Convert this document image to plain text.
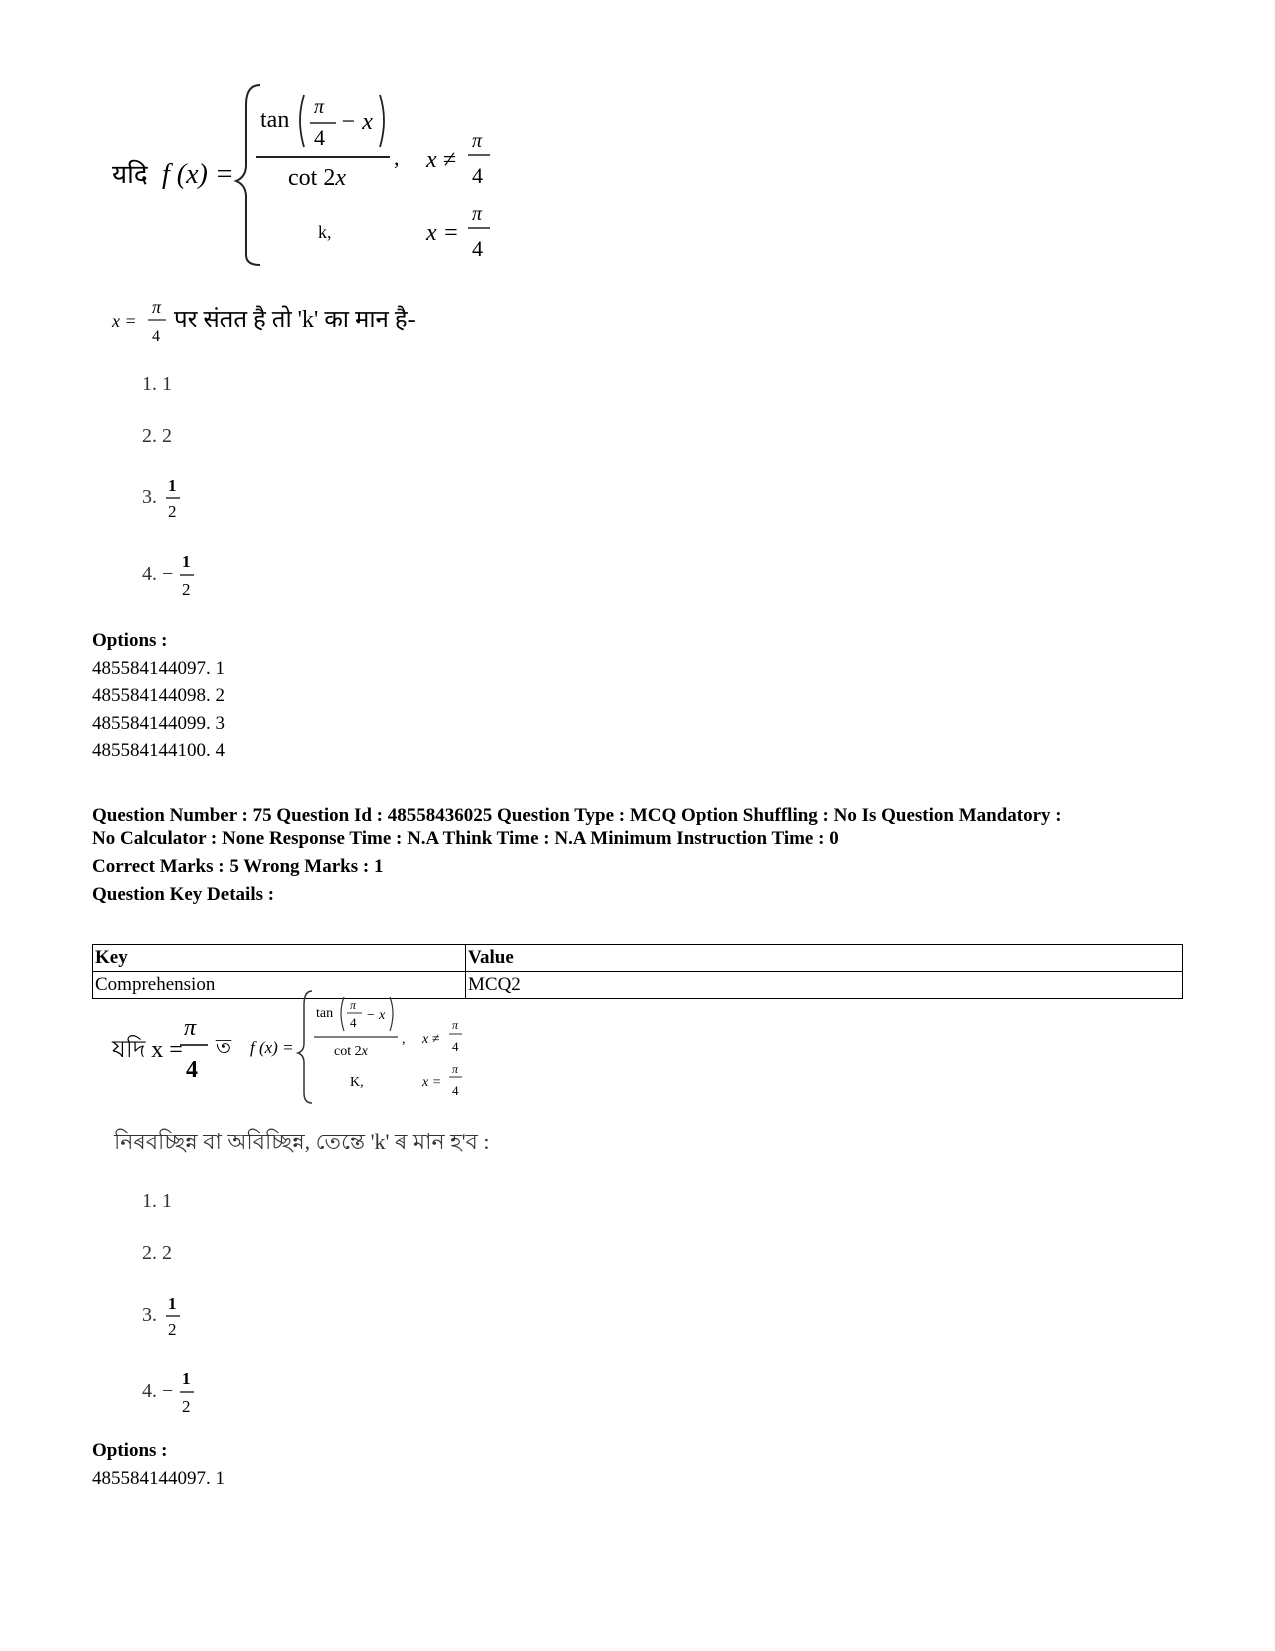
यदि f (x) =
tan π
4
− x
cot 2x
, x ≠
π
4
k,	x =
π
4
x =
π
4
पर संतत है तो 'k' का मान है-
1. 1
2. 2
3.
1
2
4. −
1
2
Options :
485584144097. 1
485584144098. 2
485584144099. 3
485584144100. 4
Question Number : 75 Question Id : 48558436025 Question Type : MCQ Option Shuffling : No Is Question Mandatory :
No Calculator : None Response Time : N.A Think Time : N.A Minimum Instruction Time : 0
Correct Marks : 5 Wrong Marks : 1
Question Key Details :
Key	Value
Comprehension	MCQ2
যদি x =
π
4
ত f (x) =
tan
π
4 − x
cot 2x
, x ≠
π
4
K,	x =
π
4
নিৰবচ্ছিন্ন বা অবিচ্ছিন্ন, তেন্তে 'k' ৰ মান হ'ব :
1. 1
2. 2
3.
1
2
4. −
1
2
Options :
485584144097. 1
